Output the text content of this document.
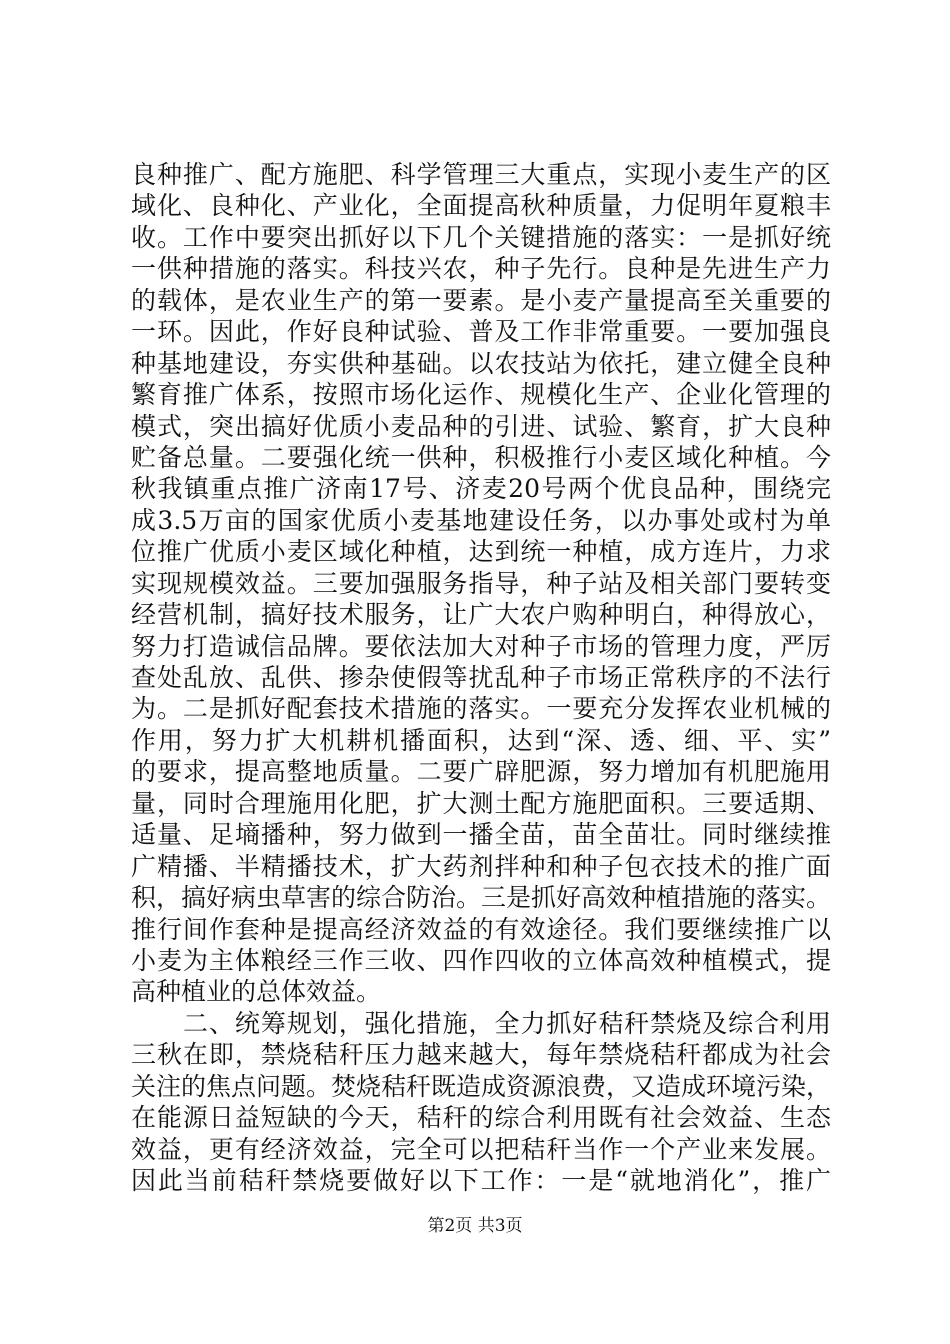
良种推广、配方施肥、科学管理三大重点，实现小麦生产的区
域化、良种化、产业化，全面提高秋种质量，力促明年夏粮丰
收。工作中要突出抓好以下几个关键措施的落实：一是抓好统
一供种措施的落实。科技兴农，种子先行。良种是先进生产力
的载体，是农业生产的第一要素。是小麦产量提高至关重要的
一环。因此，作好良种试验、普及工作非常重要。一要加强良
种基地建设，夯实供种基础。以农技站为依托，建立健全良种
繁育推广体系，按照市场化运作、规模化生产、企业化管理的
模式，突出搞好优质小麦品种的引进、试验、繁育，扩大良种
贮备总量。二要强化统一供种，积极推行小麦区域化种植。今
秋我镇重点推广济南17号、济麦20号两个优良品种，围绕完
成3.5万亩的国家优质小麦基地建设任务，以办事处或村为单
位推广优质小麦区域化种植，达到统一种植，成方连片，力求
实现规模效益。三要加强服务指导，种子站及相关部门要转变
经营机制，搞好技术服务，让广大农户购种明白，种得放心，
努力打造诚信品牌。要依法加大对种子市场的管理力度，严厉
查处乱放、乱供、掺杂使假等扰乱种子市场正常秩序的不法行
为。二是抓好配套技术措施的落实。一要充分发挥农业机械的
作用，努力扩大机耕机播面积，达到“深、透、细、平、实”
的要求，提高整地质量。二要广辟肥源，努力增加有机肥施用
量，同时合理施用化肥，扩大测土配方施肥面积。三要适期、
适量、足墒播种，努力做到一播全苗，苗全苗壮。同时继续推
广精播、半精播技术，扩大药剂拌种和种子包衣技术的推广面
积，搞好病虫草害的综合防治。三是抓好高效种植措施的落实。
推行间作套种是提高经济效益的有效途径。我们要继续推广以
小麦为主体粮经三作三收、四作四收的立体高效种植模式，提
高种植业的总体效益。
二、统筹规划，强化措施，全力抓好秸秆禁烧及综合利用
三秋在即，禁烧秸秆压力越来越大，每年禁烧秸秆都成为社会
关注的焦点问题。焚烧秸秆既造成资源浪费，又造成环境污染，
在能源日益短缺的今天，秸秆的综合利用既有社会效益、生态
效益，更有经济效益，完全可以把秸秆当作一个产业来发展。
因此当前秸秆禁烧要做好以下工作：一是“就地消化”，推广
第2页 共3页
